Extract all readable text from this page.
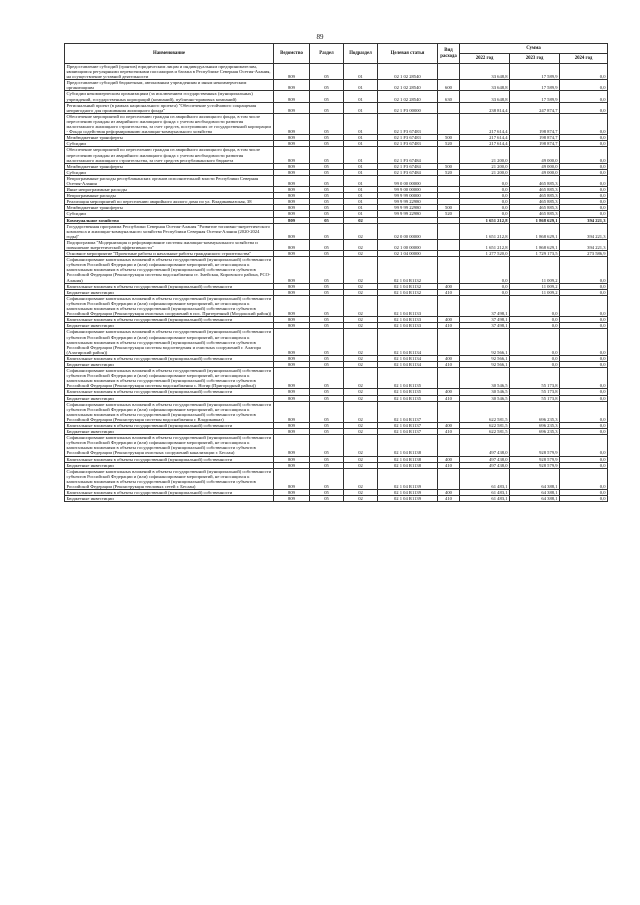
89
Наименование	Ведомство	Раздел	Подраздел	Целевая статья	Вид расхода	Сумма		
						2022 год	2023 год	2024 год
Предоставление субсидий (грантов) юридическим лицам и индивидуальным предпринимателям, являющимся регулярными перевозчиками пассажиров и багажа в Республике Северная Осетия-Алания, на осуществление уставной деятельности	809	05	01	02 1 02 28540		33 648,8	17 589,9	0,0
Предоставление субсидий бюджетным, автономным учреждениям и иным некоммерческим организациям	809	05	01	02 1 02 28540	600	33 648,8	17 589,9	0,0
Субсидии некоммерческим организациям (за исключением государственных (муниципальных) учреждений, государственных корпораций (компаний), публично-правовых компаний)	809	05	01	02 1 02 28540	630	33 648,8	17 589,9	0,0
Региональный проект (в рамках национального проекта) "Обеспечение устойчивого сокращения непригодного для проживания жилищного фонда"	809	05	01	02 1 F3 00000		238 814,4	247 874,7	0,0
Обеспечение мероприятий по переселению граждан из аварийного жилищного фонда, в том числе переселению граждан из аварийного жилищного фонда с учетом необходимости развития малоэтажного жилищного строительства, за счет средств, поступивших от государственной корпорации - Фонда содействия реформированию жилищно-коммунального хозяйства	809	05	01	02 1 F3 67483		217 614,4	198 874,7	0,0
Межбюджетные трансферты	809	05	01	02 1 F3 67483	500	217 614,4	198 874,7	0,0
Субсидии	809	05	01	02 1 F3 67483	520	217 614,4	198 874,7	0,0
Обеспечение мероприятий по переселению граждан из аварийного жилищного фонда, в том числе переселению граждан из аварийного жилищного фонда с учетом необходимости развития малоэтажного жилищного строительства, за счет средств республиканского бюджета	809	05	01	02 1 F3 67484		21 200,0	49 000,0	0,0
Межбюджетные трансферты	809	05	01	02 1 F3 67484	500	21 200,0	49 000,0	0,0
Субсидии	809	05	01	02 1 F3 67484	520	21 200,0	49 000,0	0,0
Непрограммные расходы республиканских органов исполнительной власти Республики Северная Осетия-Алания	809	05	01	99 0 00 00000		0,0	465 885,3	0,0
Иные непрограммные расходы	809	05	01	99 9 00 00000		0,0	465 885,3	0,0
Непрограммные расходы	809	05	01	99 9 99 00000		0,0	465 885,3	0,0
Реализация мероприятий по переселению аварийного жилого дома по ул. Владикавказская, 38	809	05	01	99 9 99 22980		0,0	465 885,3	0,0
Межбюджетные трансферты	809	05	01	99 9 99 22980	500	0,0	465 885,3	0,0
Субсидии	809	05	01	99 9 99 22980	520	0,0	465 885,3	0,0
Коммунальное хозяйство	809	05	02			1 651 212,8	1 868 629,1	394 221,3
Государственная программа Республики Северная Осетия-Алания "Развитие топливно-энергетического комплекса и жилищно-коммунального хозяйства Республики Северная Осетия-Алания (2020-2024 годы)"	809	05	02	02 0 00 00000		1 651 212,8	1 868 629,1	394 221,3
Подпрограмма "Модернизация и реформирование системы жилищно-коммунального хозяйства и повышение энергетической эффективности"	809	05	02	02 1 00 00000		1 651 212,8	1 868 629,1	394 221,3
Основное мероприятие "Проектные работы и начальные работы гражданского строительства"	809	05	02	02 1 04 00000		1 277 520,0	1 729 173,5	273 586,9
Софинансирование капитальных вложений в объекты государственной (муниципальной) собственности субъектов Российской Федерации и (или) софинансирование мероприятий, не относящихся к капитальным вложениям в объекты государственной (муниципальной) собственности субъектов Российской Федерации (Реконструкция системы водоснабжения ст. Змейская, Кировского района, РСО-Алания)	809	05	02	02 1 04 R1132		0,0	11 009,2	0,0
Капитальные вложения в объекты государственной (муниципальной) собственности	809	05	02	02 1 04 R1132	400	0,0	11 009,2	0,0
Бюджетные инвестиции	809	05	02	02 1 04 R1132	410	0,0	11 009,2	0,0
Софинансирование капитальных вложений в объекты государственной (муниципальной) собственности субъектов Российской Федерации и (или) софинансирование мероприятий, не относящихся к капитальным вложениям в объекты государственной (муниципальной) собственности субъектов Российской Федерации (Реконструкция очистных сооружений в пос. Притеречный (Моздокский район))	809	05	02	02 1 04 R1133		37 498,1	0,0	0,0
Капитальные вложения в объекты государственной (муниципальной) собственности	809	05	02	02 1 04 R1133	400	37 498,1	0,0	0,0
Бюджетные инвестиции	809	05	02	02 1 04 R1133	410	37 498,1	0,0	0,0
Софинансирование капитальных вложений в объекты государственной (муниципальной) собственности субъектов Российской Федерации и (или) софинансирование мероприятий, не относящихся к капитальным вложениям в объекты государственной (муниципальной) собственности субъектов Российской Федерации (Реконструкция системы водоотведения и очистных сооружений г. Алагира (Алагирский район))	809	05	02	02 1 04 R1134		92 566,1	0,0	0,0
Капитальные вложения в объекты государственной (муниципальной) собственности	809	05	02	02 1 04 R1134	400	92 566,1	0,0	0,0
Бюджетные инвестиции	809	05	02	02 1 04 R1134	410	92 566,1	0,0	0,0
Софинансирование капитальных вложений в объекты государственной (муниципальной) собственности субъектов Российской Федерации и (или) софинансирование мероприятий, не относящихся к капитальным вложениям в объекты государственной (муниципальной) собственности субъектов Российской Федерации (Реконструкция системы водоснабжения с. Ногир (Пригородный район))	809	05	02	02 1 04 R1135		30 546,5	55 173,8	0,0
Капитальные вложения в объекты государственной (муниципальной) собственности	809	05	02	02 1 04 R1135	400	30 546,5	55 173,8	0,0
Бюджетные инвестиции	809	05	02	02 1 04 R1135	410	30 546,5	55 173,8	0,0
Софинансирование капитальных вложений в объекты государственной (муниципальной) собственности субъектов Российской Федерации и (или) софинансирование мероприятий, не относящихся к капитальным вложениям в объекты государственной (муниципальной) собственности субъектов Российской Федерации (Реконструкция системы водоснабжения г. Владикавказ)	809	05	02	02 1 04 R1137		622 581,5	696 235,3	0,0
Капитальные вложения в объекты государственной (муниципальной) собственности	809	05	02	02 1 04 R1137	400	622 581,5	696 235,3	0,0
Бюджетные инвестиции	809	05	02	02 1 04 R1137	410	622 581,5	696 235,3	0,0
Софинансирование капитальных вложений в объекты государственной (муниципальной) собственности субъектов Российской Федерации и (или) софинансирование мероприятий, не относящихся к капитальным вложениям в объекты государственной (муниципальной) собственности субъектов Российской Федерации (Реконструкция очистных сооружений канализации г. Беслан)	809	05	02	02 1 04 R1138		497 438,0	928 579,9	0,0
Капитальные вложения в объекты государственной (муниципальной) собственности	809	05	02	02 1 04 R1138	400	497 438,0	928 579,9	0,0
Бюджетные инвестиции	809	05	02	02 1 04 R1138	410	497 438,0	928 579,9	0,0
Софинансирование капитальных вложений в объекты государственной (муниципальной) собственности субъектов Российской Федерации и (или) софинансирование мероприятий, не относящихся к капитальным вложениям в объекты государственной (муниципальной) собственности субъектов Российской Федерации (Реконструкция тепловых сетей г. Беслан)	809	05	02	02 1 04 R1139		61 483,1	64 388,1	0,0
Капитальные вложения в объекты государственной (муниципальной) собственности	809	05	02	02 1 04 R1139	400	61 483,1	64 388,1	0,0
Бюджетные инвестиции	809	05	02	02 1 04 R1139	410	61 483,1	64 388,1	0,0
